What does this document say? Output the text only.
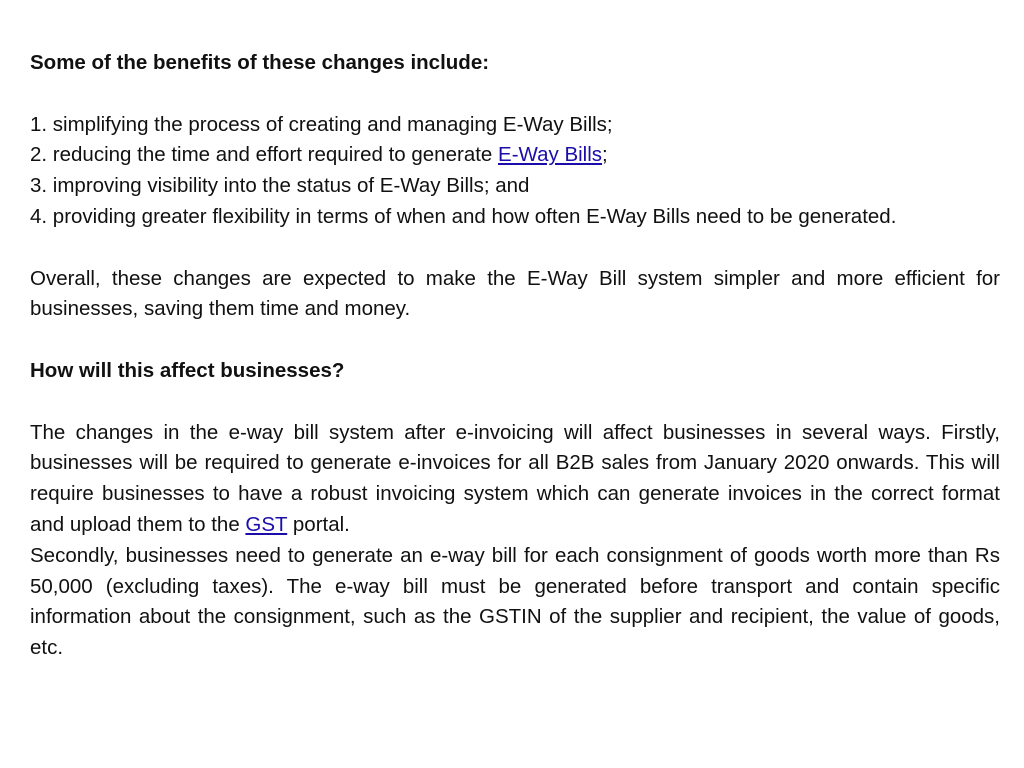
Some of the benefits of these changes include:

1. simplifying the process of creating and managing E-Way Bills;

2. reducing the time and effort required to generate E-Way Bills;

3. improving visibility into the status of E-Way Bills; and

4. providing greater flexibility in terms of when and how often E-Way Bills need to be generated.

Overall, these changes are expected to make the E-Way Bill system simpler and more efficient for businesses, saving them time and money.

How will this affect businesses?

The changes in the e-way bill system after e-invoicing will affect businesses in several ways. Firstly, businesses will be required to generate e-invoices for all B2B sales from January 2020 onwards. This will require businesses to have a robust invoicing system which can generate invoices in the correct format and upload them to the GST portal.

Secondly, businesses need to generate an e-way bill for each consignment of goods worth more than Rs 50,000 (excluding taxes). The e-way bill must be generated before transport and contain specific information about the consignment, such as the GSTIN of the supplier and recipient, the value of goods, etc.
